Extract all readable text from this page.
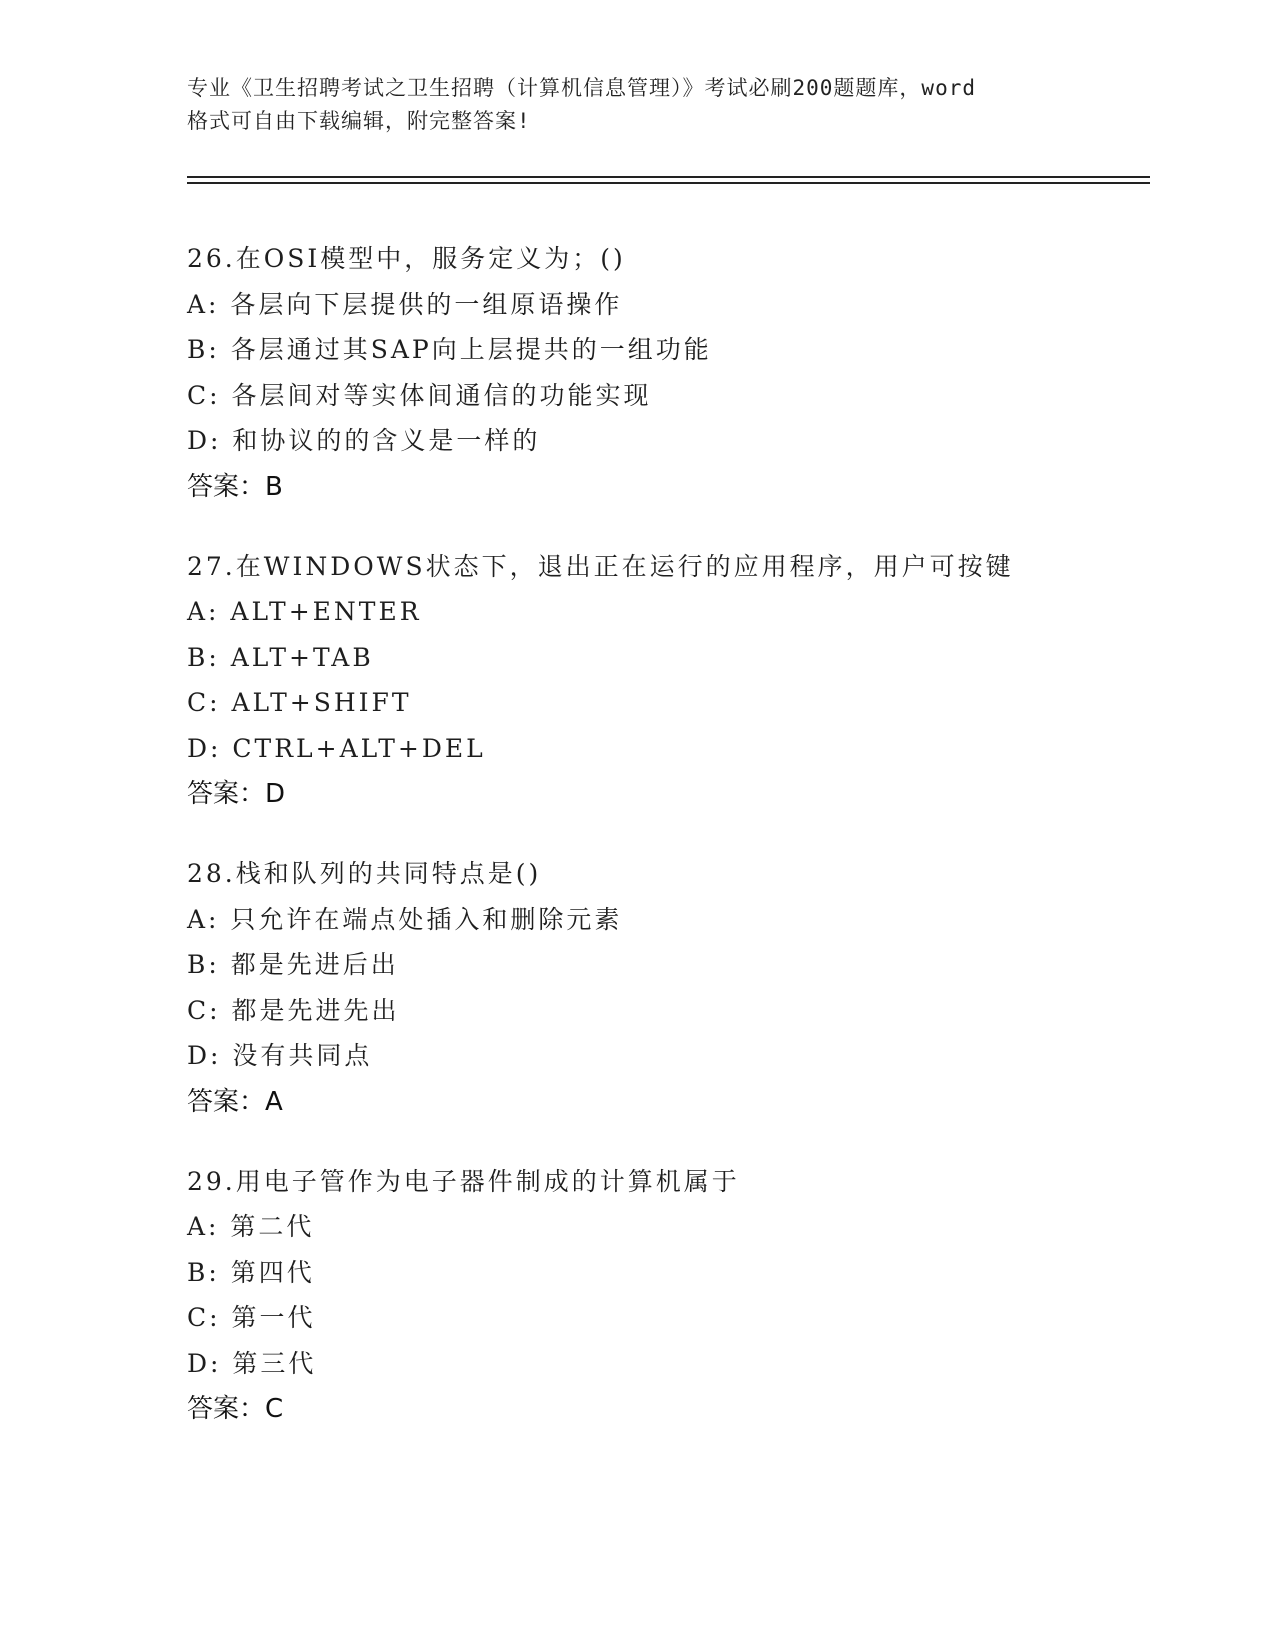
专业《卫生招聘考试之卫生招聘（计算机信息管理）》考试必刷200题题库，word
格式可自由下载编辑，附完整答案!
26.在OSI模型中，服务定义为；()
A: 各层向下层提供的一组原语操作
B: 各层通过其SAP向上层提共的一组功能
C: 各层间对等实体间通信的功能实现
D: 和协议的的含义是一样的
答案：B
27.在WINDOWS状态下，退出正在运行的应用程序，用户可按键
A: ALT+ENTER
B: ALT+TAB
C: ALT+SHIFT
D: CTRL+ALT+DEL
答案：D
28.栈和队列的共同特点是()
A: 只允许在端点处插入和删除元素
B: 都是先进后出
C: 都是先进先出
D: 没有共同点
答案：A
29.用电子管作为电子器件制成的计算机属于
A: 第二代
B: 第四代
C: 第一代
D: 第三代
答案：C
